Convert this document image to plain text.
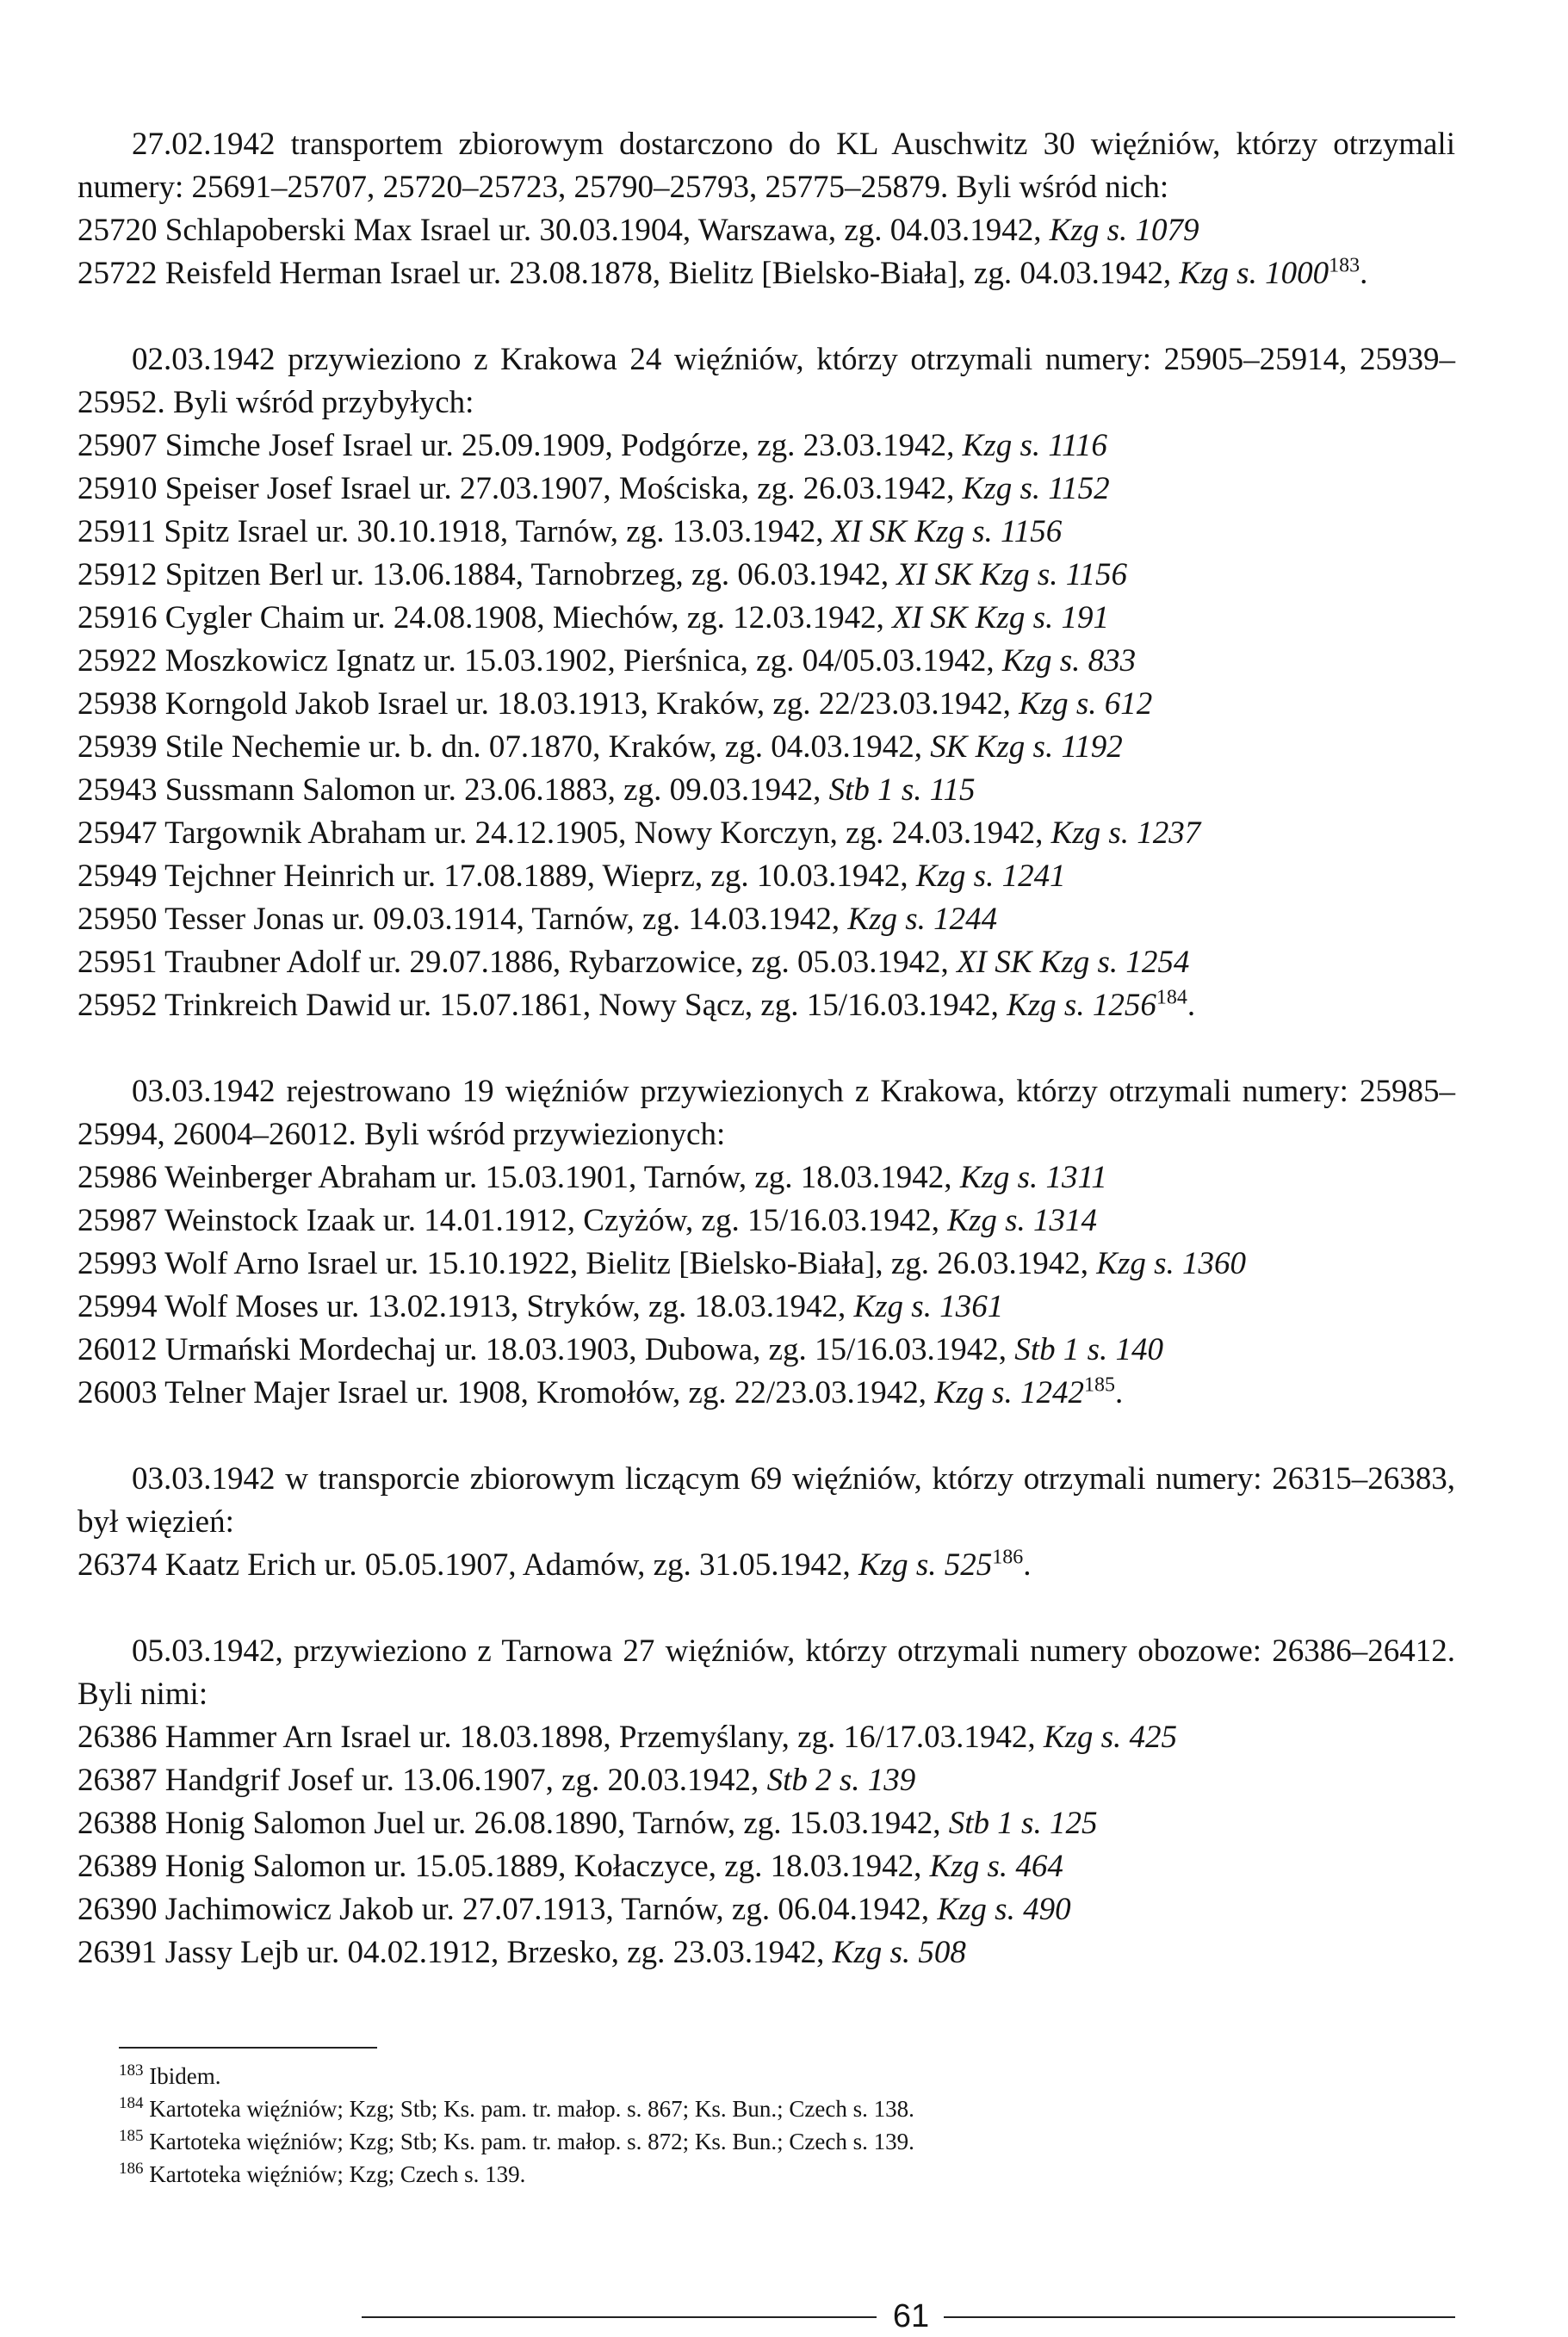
27.02.1942 transportem zbiorowym dostarczono do KL Auschwitz 30 więźniów, którzy otrzymali numery: 25691–25707, 25720–25723, 25790–25793, 25775–25879. Byli wśród nich:
25720 Schlapoberski Max Israel ur. 30.03.1904, Warszawa, zg. 04.03.1942, Kzg s. 1079
25722 Reisfeld Herman Israel ur. 23.08.1878, Bielitz [Bielsko-Biała], zg. 04.03.1942, Kzg s. 1000$^{183}$.
02.03.1942 przywieziono z Krakowa 24 więźniów, którzy otrzymali numery: 25905–25914, 25939–25952. Byli wśród przybyłych:
25907 Simche Josef Israel ur. 25.09.1909, Podgórze, zg. 23.03.1942, Kzg s. 1116
25910 Speiser Josef Israel ur. 27.03.1907, Mościska, zg. 26.03.1942, Kzg s. 1152
25911 Spitz Israel ur. 30.10.1918, Tarnów, zg. 13.03.1942, XI SK Kzg s. 1156
25912 Spitzen Berl ur. 13.06.1884, Tarnobrzeg, zg. 06.03.1942, XI SK Kzg s. 1156
25916 Cygler Chaim ur. 24.08.1908, Miechów, zg. 12.03.1942, XI SK Kzg s. 191
25922 Moszkowicz Ignatz ur. 15.03.1902, Pierśnica, zg. 04/05.03.1942, Kzg s. 833
25938 Korngold Jakob Israel ur. 18.03.1913, Kraków, zg. 22/23.03.1942, Kzg s. 612
25939 Stile Nechemie ur. b. dn. 07.1870, Kraków, zg. 04.03.1942, SK Kzg s. 1192
25943 Sussmann Salomon ur. 23.06.1883, zg. 09.03.1942, Stb 1 s. 115
25947 Targownik Abraham ur. 24.12.1905, Nowy Korczyn, zg. 24.03.1942, Kzg s. 1237
25949 Tejchner Heinrich ur. 17.08.1889, Wieprz, zg. 10.03.1942, Kzg s. 1241
25950 Tesser Jonas ur. 09.03.1914, Tarnów, zg. 14.03.1942, Kzg s. 1244
25951 Traubner Adolf ur. 29.07.1886, Rybarzowice, zg. 05.03.1942, XI SK Kzg s. 1254
25952 Trinkreich Dawid ur. 15.07.1861, Nowy Sącz, zg. 15/16.03.1942, Kzg s. 1256$^{184}$.
03.03.1942 rejestrowano 19 więźniów przywiezionych z Krakowa, którzy otrzymali numery: 25985–25994, 26004–26012. Byli wśród przywiezionych:
25986 Weinberger Abraham ur. 15.03.1901, Tarnów, zg. 18.03.1942, Kzg s. 1311
25987 Weinstock Izaak ur. 14.01.1912, Czyżów, zg. 15/16.03.1942, Kzg s. 1314
25993 Wolf Arno Israel ur. 15.10.1922, Bielitz [Bielsko-Biała], zg. 26.03.1942, Kzg s. 1360
25994 Wolf Moses ur. 13.02.1913, Stryków, zg. 18.03.1942, Kzg s. 1361
26012 Urmański Mordechaj ur. 18.03.1903, Dubowa, zg. 15/16.03.1942, Stb 1 s. 140
26003 Telner Majer Israel ur. 1908, Kromołów, zg. 22/23.03.1942, Kzg s. 1242$^{185}$.
03.03.1942 w transporcie zbiorowym liczącym 69 więźniów, którzy otrzymali numery: 26315–26383, był więzień:
26374 Kaatz Erich ur. 05.05.1907, Adamów, zg. 31.05.1942, Kzg s. $525^{186}$.
05.03.1942, przywieziono z Tarnowa 27 więźniów, którzy otrzymali numery obozowe: 26386–26412. Byli nimi:
26386 Hammer Arn Israel ur. 18.03.1898, Przemyślany, zg. 16/17.03.1942, Kzg s. 425
26387 Handgrif Josef ur. 13.06.1907, zg. 20.03.1942, Stb 2 s. 139
26388 Honig Salomon Juel ur. 26.08.1890, Tarnów, zg. 15.03.1942, Stb 1 s. 125
26389 Honig Salomon ur. 15.05.1889, Kołaczyce, zg. 18.03.1942, Kzg s. 464
26390 Jachimowicz Jakob ur. 27.07.1913, Tarnów, zg. 06.04.1942, Kzg s. 490
26391 Jassy Lejb ur. 04.02.1912, Brzesko, zg. 23.03.1942, Kzg s. 508
$^{183}$ Ibidem.
$^{184}$ Kartoteka więźniów; Kzg; Stb; Ks. pam. tr. małop. s. 867; Ks. Bun.; Czech s. 138.
$^{185}$ Kartoteka więźniów; Kzg; Stb; Ks. pam. tr. małop. s. 872; Ks. Bun.; Czech s. 139.
$^{186}$ Kartoteka więźniów; Kzg; Czech s. 139.
61
